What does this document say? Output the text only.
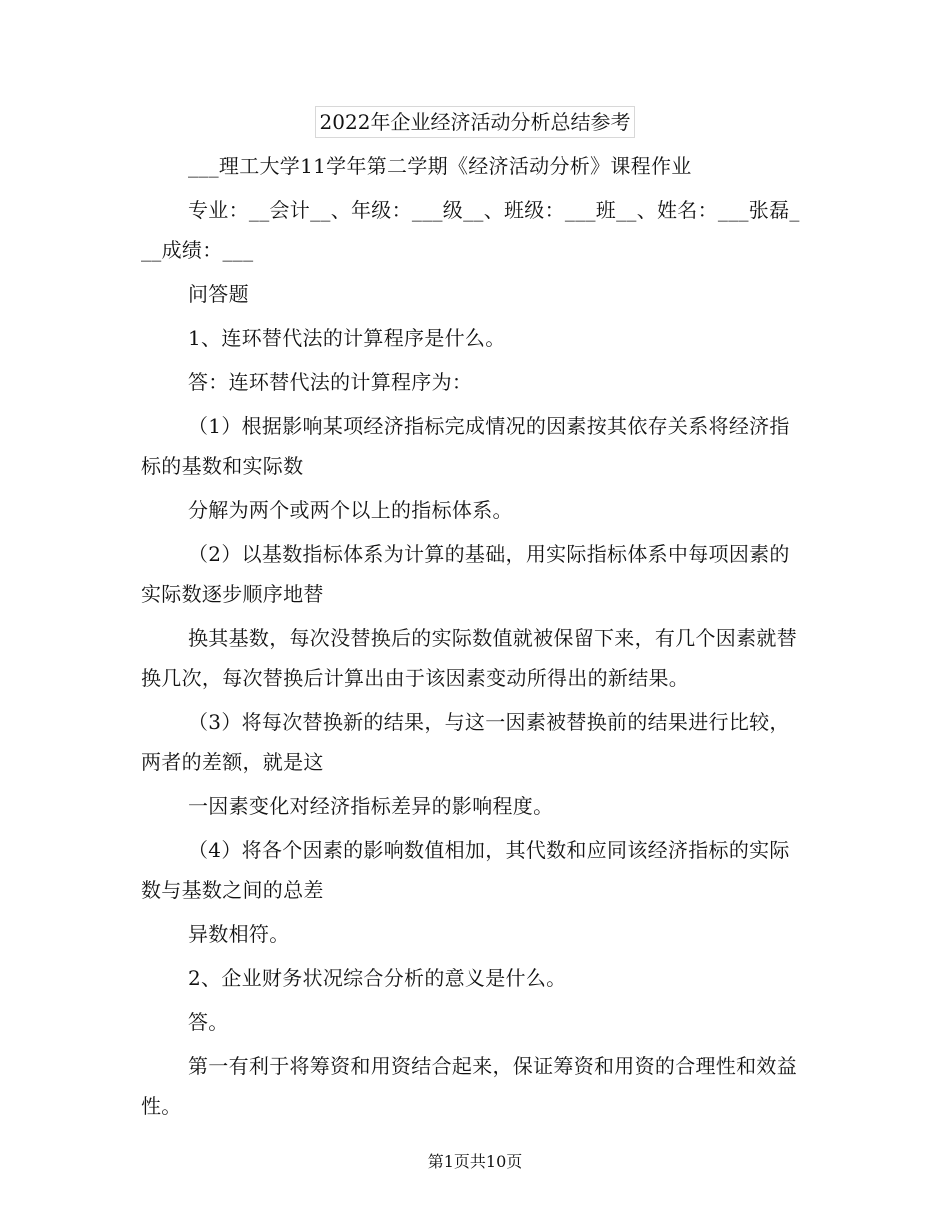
2022年企业经济活动分析总结参考

___理工大学11学年第二学期《经济活动分析》课程作业

专业：__会计__、年级：___级__、班级：___班__、姓名：___张磊___成绩：___

问答题

1、连环替代法的计算程序是什么。

答：连环替代法的计算程序为：

（1）根据影响某项经济指标完成情况的因素按其依存关系将经济指标的基数和实际数

分解为两个或两个以上的指标体系。

（2）以基数指标体系为计算的基础，用实际指标体系中每项因素的实际数逐步顺序地替

换其基数，每次没替换后的实际数值就被保留下来，有几个因素就替换几次，每次替换后计算出由于该因素变动所得出的新结果。

（3）将每次替换新的结果，与这一因素被替换前的结果进行比较，两者的差额，就是这

一因素变化对经济指标差异的影响程度。

（4）将各个因素的影响数值相加，其代数和应同该经济指标的实际数与基数之间的总差

异数相符。

2、企业财务状况综合分析的意义是什么。

答。

第一有利于将筹资和用资结合起来，保证筹资和用资的合理性和效益性。

第1页共10页
